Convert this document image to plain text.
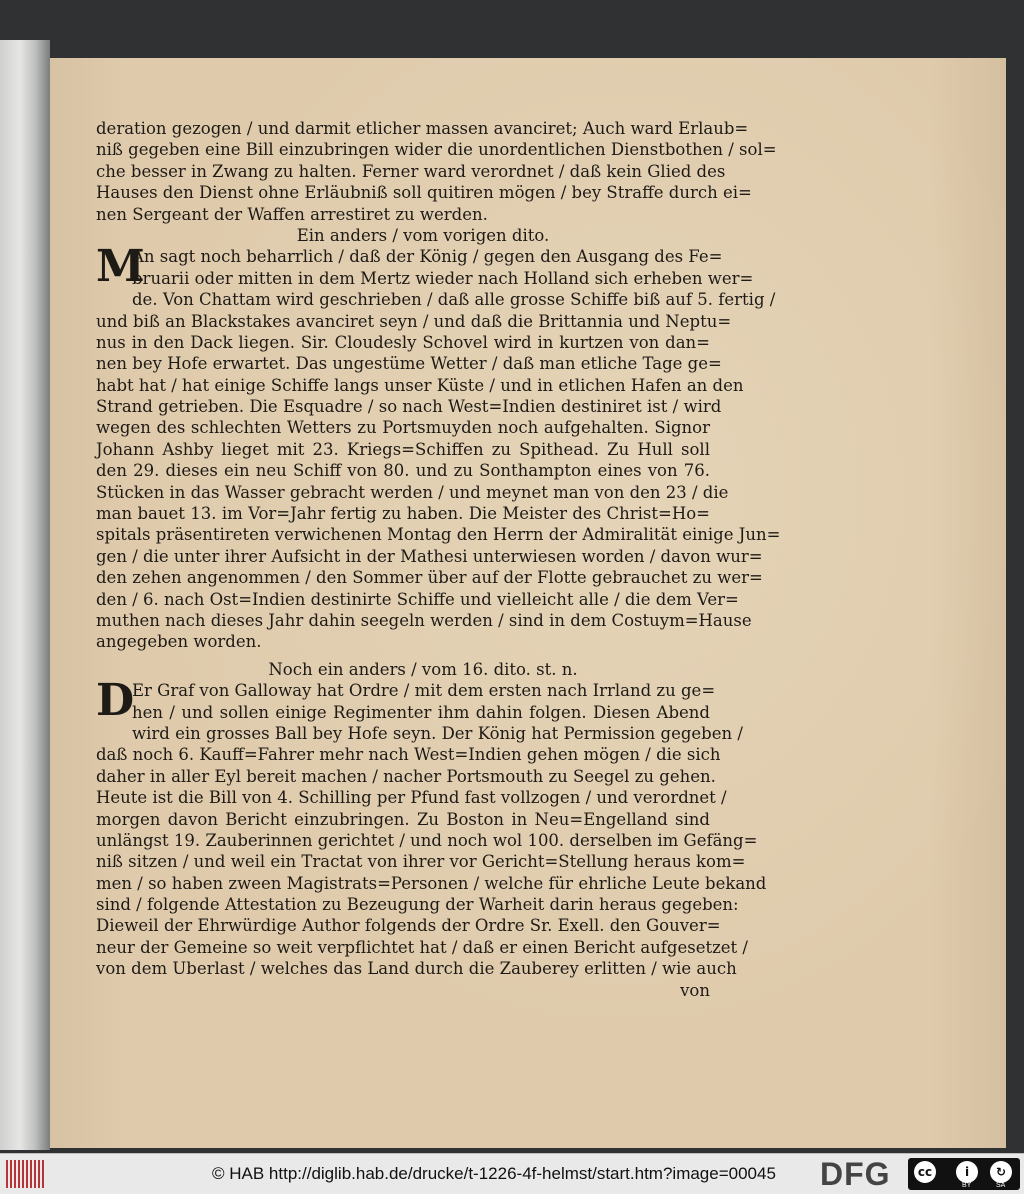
deration gezogen / und darmit etlicher massen avanciret; Auch ward Erlaub=
niß gegeben eine Bill einzubringen wider die unordentlichen Dienstbothen / sol=
che besser in Zwang zu halten. Ferner ward verordnet / daß kein Glied des
Hauses den Dienst ohne Erläubniß soll quitiren mögen / bey Straffe durch ei=
nen Sergeant der Waffen arrestiret zu werden.
Ein anders / vom vorigen dito.
M
An sagt noch beharrlich / daß der König / gegen den Ausgang des Fe=
bruarii oder mitten in dem Mertz wieder nach Holland sich erheben wer=
de. Von Chattam wird geschrieben / daß alle grosse Schiffe biß auf 5. fertig /
und biß an Blackstakes avanciret seyn / und daß die Brittannia und Neptu=
nus in den Dack liegen. Sir. Cloudesly Schovel wird in kurtzen von dan=
nen bey Hofe erwartet. Das ungestüme Wetter / daß man etliche Tage ge=
habt hat / hat einige Schiffe langs unser Küste / und in etlichen Hafen an den
Strand getrieben. Die Esquadre / so nach West=Indien destiniret ist / wird
wegen des schlechten Wetters zu Portsmuyden noch aufgehalten. Signor
Johann Ashby lieget mit 23. Kriegs=Schiffen zu Spithead. Zu Hull soll
den 29. dieses ein neu Schiff von 80. und zu Sonthampton eines von 76.
Stücken in das Wasser gebracht werden / und meynet man von den 23 / die
man bauet 13. im Vor=Jahr fertig zu haben. Die Meister des Christ=Ho=
spitals präsentireten verwichenen Montag den Herrn der Admiralität einige Jun=
gen / die unter ihrer Aufsicht in der Mathesi unterwiesen worden / davon wur=
den zehen angenommen / den Sommer über auf der Flotte gebrauchet zu wer=
den / 6. nach Ost=Indien destinirte Schiffe und vielleicht alle / die dem Ver=
muthen nach dieses Jahr dahin seegeln werden / sind in dem Costuym=Hause
angegeben worden.
Noch ein anders / vom 16. dito. st. n.
D
Er Graf von Galloway hat Ordre / mit dem ersten nach Irrland zu ge=
hen / und sollen einige Regimenter ihm dahin folgen. Diesen Abend
wird ein grosses Ball bey Hofe seyn. Der König hat Permission gegeben /
daß noch 6. Kauff=Fahrer mehr nach West=Indien gehen mögen / die sich
daher in aller Eyl bereit machen / nacher Portsmouth zu Seegel zu gehen.
Heute ist die Bill von 4. Schilling per Pfund fast vollzogen / und verordnet /
morgen davon Bericht einzubringen. Zu Boston in Neu=Engelland sind
unlängst 19. Zauberinnen gerichtet / und noch wol 100. derselben im Gefäng=
niß sitzen / und weil ein Tractat von ihrer vor Gericht=Stellung heraus kom=
men / so haben zween Magistrats=Personen / welche für ehrliche Leute bekand
sind / folgende Attestation zu Bezeugung der Warheit darin heraus gegeben:
Dieweil der Ehrwürdige Author folgends der Ordre Sr. Exell. den Gouver=
neur der Gemeine so weit verpflichtet hat / daß er einen Bericht aufgesetzet /
von dem Uberlast / welches das Land durch die Zauberey erlitten / wie auch
von
© HAB http://diglib.hab.de/drucke/t-1226-4f-helmst/start.htm?image=00045 DFG	cc	i	↻
BY	SA
